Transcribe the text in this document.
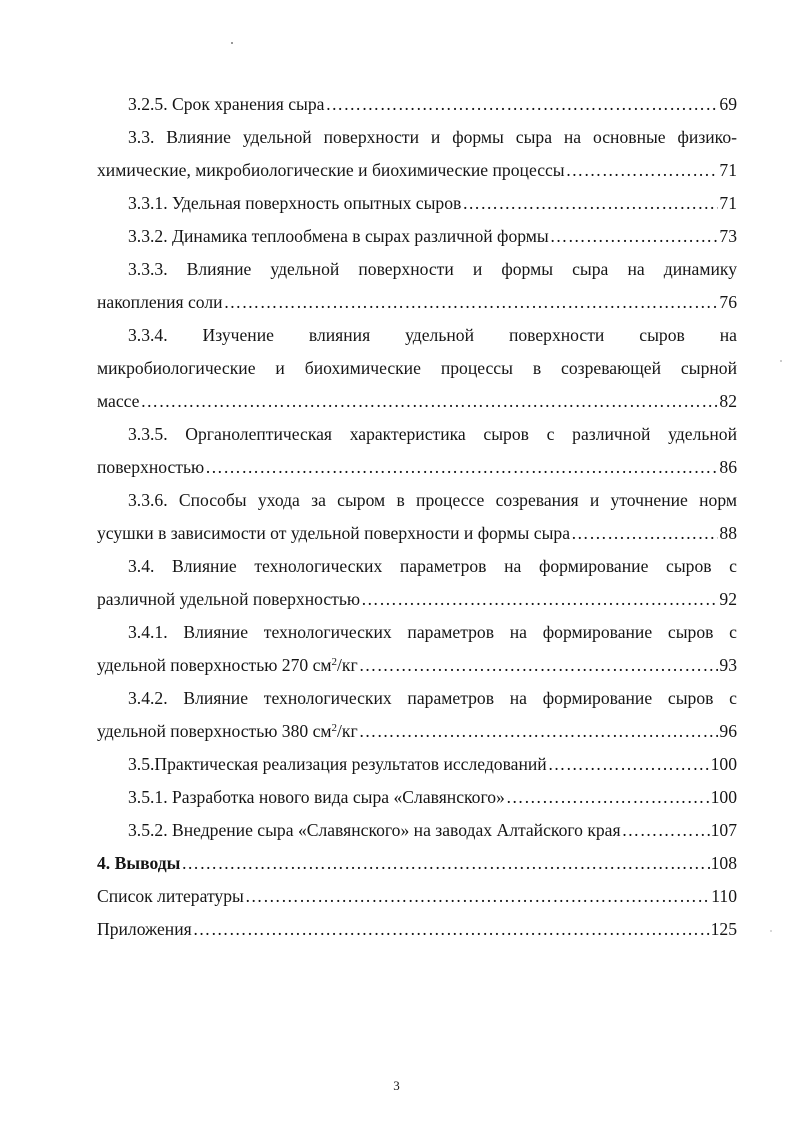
3.2.5. Срок хранения сыра ………………………………………………………………………………………………………………………………………………………………………………………………………	69
3.3. Влияние удельной поверхности и формы сыра на основные физико-
химические, микробиологические и биохимические процессы ………………………………………………………………………………………………………………………………………………………………………………………………………	71
3.3.1. Удельная поверхность опытных сыров ………………………………………………………………………………………………………………………………………………………………………………………………………	71
3.3.2. Динамика теплообмена в сырах различной формы ………………………………………………………………………………………………………………………………………………………………………………………………………	73
3.3.3. Влияние удельной поверхности и формы сыра на динамику
накопления соли ………………………………………………………………………………………………………………………………………………………………………………………………………	76
3.3.4. Изучение влияния удельной поверхности сыров на
микробиологические и биохимические процессы в созревающей сырной
массе ………………………………………………………………………………………………………………………………………………………………………………………………………	82
3.3.5. Органолептическая характеристика сыров с различной удельной
поверхностью ………………………………………………………………………………………………………………………………………………………………………………………………………	86
3.3.6. Способы ухода за сыром в процессе созревания и уточнение норм
усушки в зависимости от удельной поверхности и формы сыра ………………………………………………………………………………………………………………………………………………………………………………………………………	88
3.4. Влияние технологических параметров на формирование сыров с
различной удельной поверхностью ………………………………………………………………………………………………………………………………………………………………………………………………………	92
3.4.1. Влияние технологических параметров на формирование сыров с
удельной поверхностью 270 $см^2/кг$ ………………………………………………………………………………………………………………………………………………………………………………………………………	93
3.4.2. Влияние технологических параметров на формирование сыров с
удельной поверхностью 380 $см^2/кг$ ………………………………………………………………………………………………………………………………………………………………………………………………………	96
3.5.Практическая реализация результатов исследований ………………………………………………………………………………………………………………………………………………………………………………………………………	100
3.5.1. Разработка нового вида сыра «Славянского» ………………………………………………………………………………………………………………………………………………………………………………………………………	100
3.5.2. Внедрение сыра «Славянского» на заводах Алтайского края ………………………………………………………………………………………………………………………………………………………………………………………………………	107
4. Выводы ………………………………………………………………………………………………………………………………………………………………………………………………………	108
Список литературы ………………………………………………………………………………………………………………………………………………………………………………………………………	110
Приложения ………………………………………………………………………………………………………………………………………………………………………………………………………	125
3
